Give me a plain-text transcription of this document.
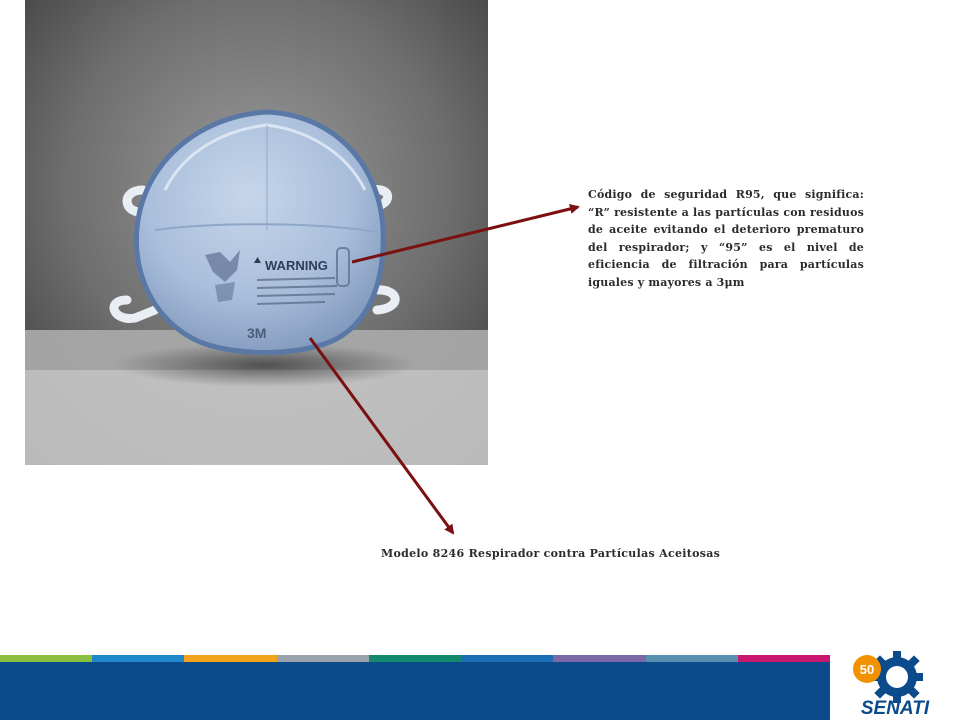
WARNING
3M
Código de seguridad R95, que significa: “R” resistente a las partículas con residuos de aceite evitando el deterioro prematuro del respirador; y “95” es el nivel de eficiencia de filtración para partículas iguales y mayores a 3μm
Modelo 8246 Respirador contra Partículas Aceitosas
50
SENATI
